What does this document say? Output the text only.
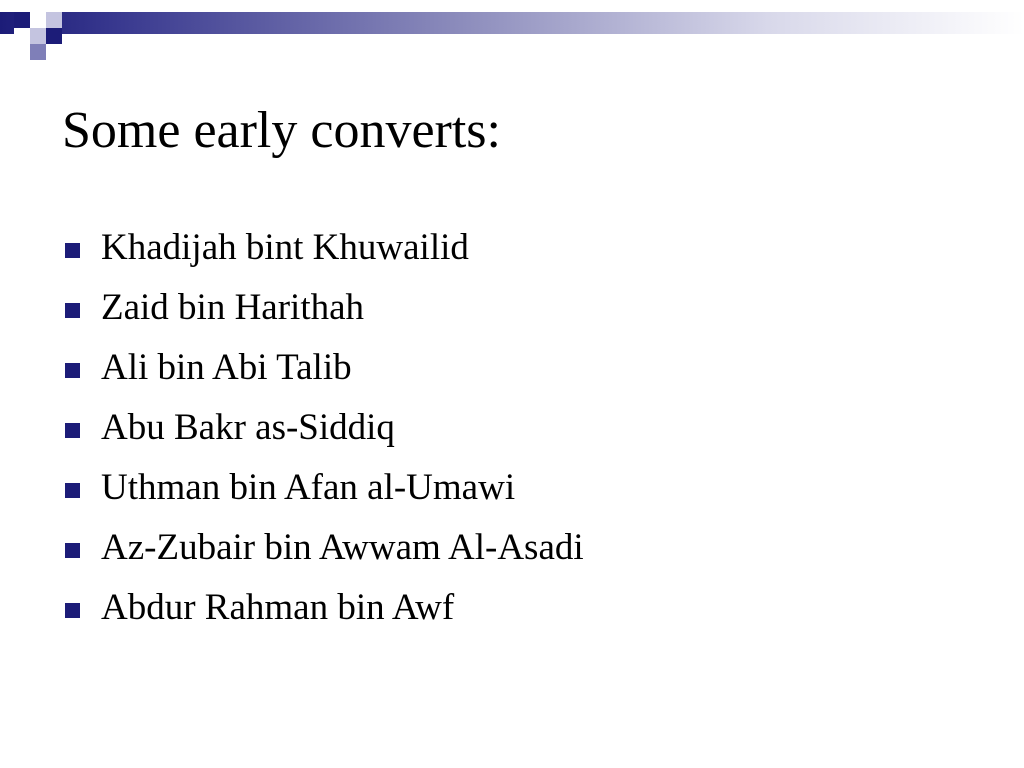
Some early converts:
Khadijah bint Khuwailid
Zaid bin Harithah
Ali bin Abi Talib
Abu Bakr as-Siddiq
Uthman bin Afan al-Umawi
Az-Zubair bin Awwam Al-Asadi
Abdur Rahman bin Awf
